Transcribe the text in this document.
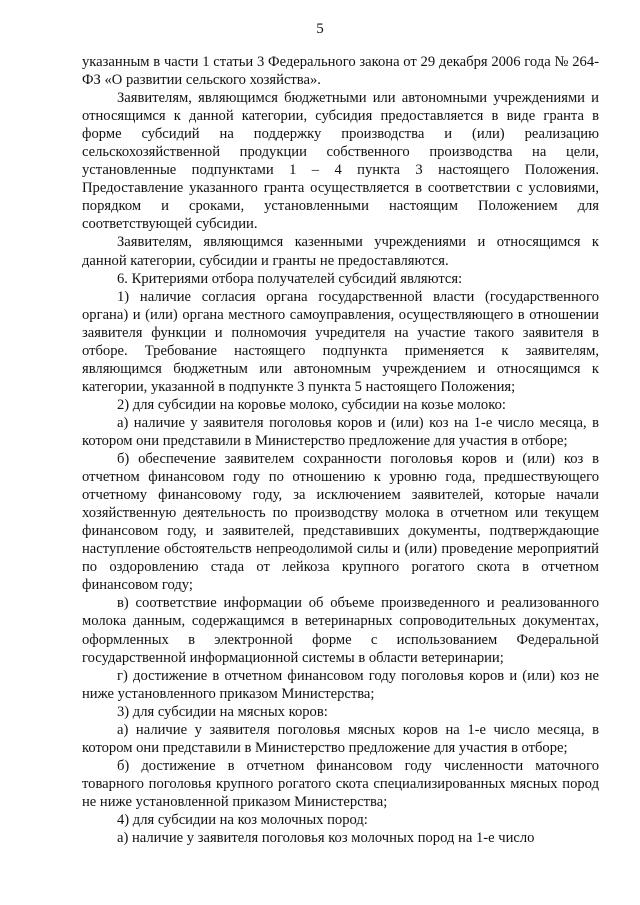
5

указанным в части 1 статьи 3 Федерального закона от 29 декабря 2006 года № 264-ФЗ «О развитии сельского хозяйства».

Заявителям, являющимся бюджетными или автономными учреждениями и относящимся к данной категории, субсидия предоставляется в виде гранта в форме субсидий на поддержку производства и (или) реализацию сельскохозяйственной продукции собственного производства на цели, установленные подпунктами 1 – 4 пункта 3 настоящего Положения. Предоставление указанного гранта осуществляется в соответствии с условиями, порядком и сроками, установленными настоящим Положением для соответствующей субсидии.

Заявителям, являющимся казенными учреждениями и относящимся к данной категории, субсидии и гранты не предоставляются.

6. Критериями отбора получателей субсидий являются:

1) наличие согласия органа государственной власти (государственного органа) и (или) органа местного самоуправления, осуществляющего в отношении заявителя функции и полномочия учредителя на участие такого заявителя в отборе. Требование настоящего подпункта применяется к заявителям, являющимся бюджетным или автономным учреждением и относящимся к категории, указанной в подпункте 3 пункта 5 настоящего Положения;

2) для субсидии на коровье молоко, субсидии на козье молоко:

а) наличие у заявителя поголовья коров и (или) коз на 1-е число месяца, в котором они представили в Министерство предложение для участия в отборе;

б) обеспечение заявителем сохранности поголовья коров и (или) коз в отчетном финансовом году по отношению к уровню года, предшествующего отчетному финансовому году, за исключением заявителей, которые начали хозяйственную деятельность по производству молока в отчетном или текущем финансовом году, и заявителей, представивших документы, подтверждающие наступление обстоятельств непреодолимой силы и (или) проведение мероприятий по оздоровлению стада от лейкоза крупного рогатого скота в отчетном финансовом году;

в) соответствие информации об объеме произведенного и реализованного молока данным, содержащимся в ветеринарных сопроводительных документах, оформленных в электронной форме с использованием Федеральной государственной информационной системы в области ветеринарии;

г) достижение в отчетном финансовом году поголовья коров и (или) коз не ниже установленного приказом Министерства;

3) для субсидии на мясных коров:

а) наличие у заявителя поголовья мясных коров на 1-е число месяца, в котором они представили в Министерство предложение для участия в отборе;

б) достижение в отчетном финансовом году численности маточного товарного поголовья крупного рогатого скота специализированных мясных пород не ниже установленной приказом Министерства;

4) для субсидии на коз молочных пород:

а) наличие у заявителя поголовья коз молочных пород на 1-е число
